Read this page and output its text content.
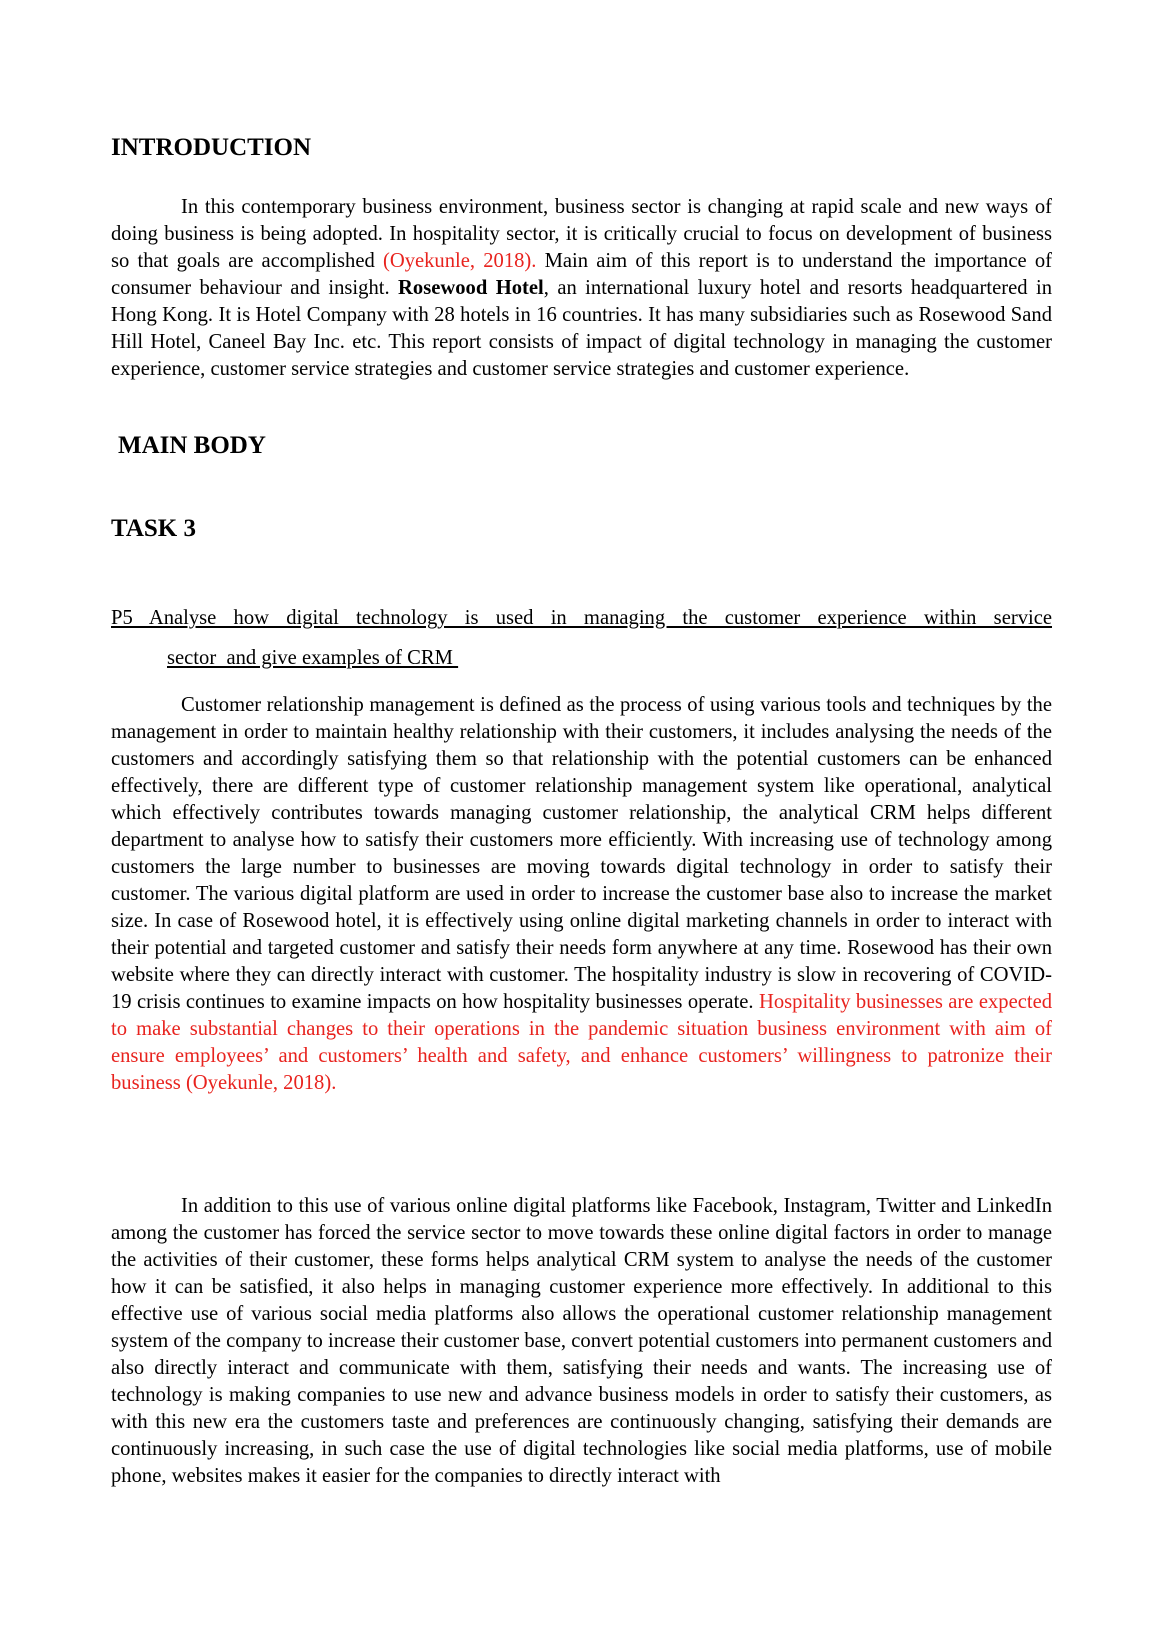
INTRODUCTION

In this contemporary business environment, business sector is changing at rapid scale and new ways of doing business is being adopted. In hospitality sector, it is critically crucial to focus on development of business so that goals are accomplished (Oyekunle, 2018). Main aim of this report is to understand the importance of consumer behaviour and insight. Rosewood Hotel, an international luxury hotel and resorts headquartered in Hong Kong. It is Hotel Company with 28 hotels in 16 countries. It has many subsidiaries such as Rosewood Sand Hill Hotel, Caneel Bay Inc. etc. This report consists of impact of digital technology in managing the customer experience, customer service strategies and customer service strategies and customer experience.

MAIN BODY
TASK 3
P5 Analyse how digital technology is used in managing the customer experience within service
sector  and give examples of CRM

Customer relationship management is defined as the process of using various tools and techniques by the management in order to maintain healthy relationship with their customers, it includes analysing the needs of the customers and accordingly satisfying them so that relationship with the potential customers can be enhanced effectively, there are different type of customer relationship management system like operational, analytical which effectively contributes towards managing customer relationship, the analytical CRM helps different department to analyse how to satisfy their customers more efficiently. With increasing use of technology among customers the large number to businesses are moving towards digital technology in order to satisfy their customer. The various digital platform are used in order to increase the customer base also to increase the market size. In case of Rosewood hotel, it is effectively using online digital marketing channels in order to interact with their potential and targeted customer and satisfy their needs form anywhere at any time. Rosewood has their own website where they can directly interact with customer. The hospitality industry is slow in recovering of COVID-19 crisis continues to examine impacts on how hospitality businesses operate. Hospitality businesses are expected to make substantial changes to their operations in the pandemic situation business environment with aim of ensure employees’ and customers’ health and safety, and enhance customers’ willingness to patronize their business (Oyekunle, 2018).

In addition to this use of various online digital platforms like Facebook, Instagram, Twitter and LinkedIn among the customer has forced the service sector to move towards these online digital factors in order to manage the activities of their customer, these forms helps analytical CRM system to analyse the needs of the customer how it can be satisfied, it also helps in managing customer experience more effectively. In additional to this effective use of various social media platforms also allows the operational customer relationship management system of the company to increase their customer base, convert potential customers into permanent customers and also directly interact and communicate with them, satisfying their needs and wants. The increasing use of technology is making companies to use new and advance business models in order to satisfy their customers, as with this new era the customers taste and preferences are continuously changing, satisfying their demands are continuously increasing, in such case the use of digital technologies like social media platforms, use of mobile phone, websites makes it easier for the companies to directly interact with
